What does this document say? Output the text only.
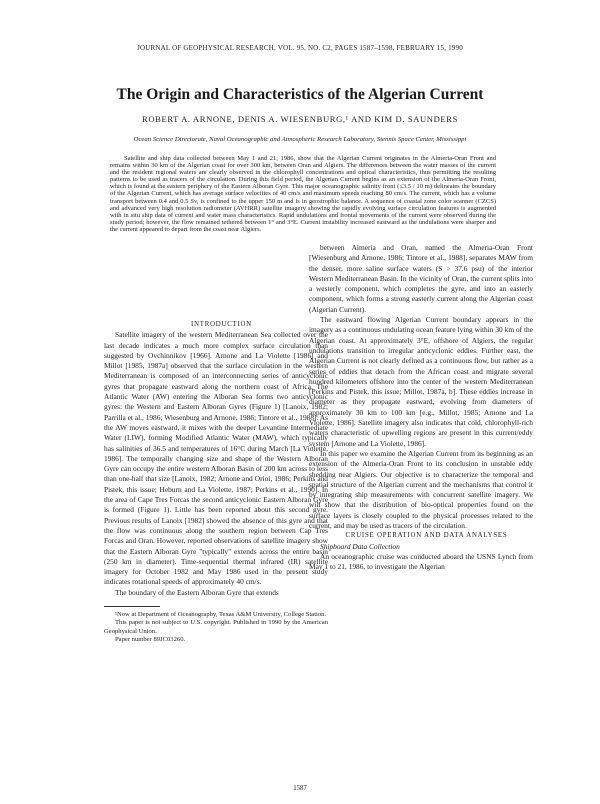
JOURNAL OF GEOPHYSICAL RESEARCH, VOL. 95, NO. C2, PAGES 1587–1598, FEBRUARY 15, 1990
The Origin and Characteristics of the Algerian Current
ROBERT A. ARNONE, DENIS A. WIESENBURG,¹ AND KIM D. SAUNDERS
Ocean Science Directorate, Naval Oceanographic and Atmospheric Research Laboratory, Stennis Space Center, Mississippi

Satellite and ship data collected between May 1 and 21, 1986, show that the Algerian Current originates in the Almeria-Oran Front and remains within 30 km of the Algerian coast for over 300 km, between Oran and Algiers. The differences between the water masses of the current and the resident regional waters are clearly observed in the chlorophyll concentrations and optical characteristics, thus permitting the resulting patterns to be used as tracers of the circulation. During this field period, the Algerian Current begins as an extension of the Almeria-Oran Front, which is found at the eastern periphery of the Eastern Alboran Gyre. This major oceanographic salinity front (≤3.5 / 10 m) delineates the boundary of the Algerian Current, which has average surface velocities of 40 cm/s and maximum speeds reaching 80 cm/s. The current, which has a volume transport between 0.4 and 0.5 Sv, is confined to the upper 150 m and is in geostrophic balance. A sequence of coastal zone color scanner (CZCS) and advanced very high resolution radiometer (AVHRR) satellite imagery showing the rapidly evolving surface circulation features is augmented with in situ ship data of current and water mass characteristics. Rapid undulations and frontal movements of the current were observed during the study period; however, the flow remained tethered between 1° and 3°E. Current instability increased eastward as the undulations were sharper and the current appeared to depart from the coast near Algiers.

INTRODUCTION

Satellite imagery of the western Mediterranean Sea collected over the last decade indicates a much more complex surface circulation than suggested by Ovchinnikov [1966]. Arnone and La Violette [1986] and Millot [1985, 1987a] observed that the surface circulation in the western Mediterranean is composed of an interconnecting series of anticyclonic gyres that propagate eastward along the northern coast of Africa. The Atlantic Water (AW) entering the Alboran Sea forms two anticyclonic gyres: the Western and Eastern Alboran Gyres (Figure 1) [Lanoix, 1982; Parrilla et al., 1986; Wiesenburg and Arnone, 1986; Tintore et al., 1988]. As the AW moves eastward, it mixes with the deeper Levantine Intermediate Water (LIW), forming Modified Atlantic Water (MAW), which typically has salinities of 36.5 and temperatures of 16°C during March [La Violette, 1986]. The temporally changing size and shape of the Western Alboran Gyre can occupy the entire western Alboran Basin of 200 km across to less than one-half that size [Lanoix, 1982; Arnone and Orioi, 1986; Perkins and Pistek, this issue; Heburn and La Violette, 1987; Perkins et al., 1990]. In the area of Cape Tres Forcas the second anticyclonic Eastern Alboran Gyre is formed (Figure 1). Little has been reported about this second gyre. Previous results of Lanoix [1982] showed the absence of this gyre and that the flow was continuous along the southern region between Cap Tres Forcas and Oran. However, reported observations of satellite imagery show that the Eastern Alboran Gyre "typically" extends across the entire basin (250 km in diameter). Time-sequential thermal infrared (IR) satellite imagery for October 1982 and May 1986 used in the present study indicates rotational speeds of approximately 40 cm/s.

The boundary of the Eastern Alboran Gyre that extends

¹Now at Department of Oceanography, Texas A&M University, College Station.

This paper is not subject to U.S. copyright. Published in 1990 by the American Geophysical Union.

Paper number 89JC03260.

between Almeria and Oran, named the Almeria-Oran Front [Wiesenburg and Arnone, 1986; Tintore et al., 1988], separates MAW from the denser, more saline surface waters (S > 37.6 psu) of the interior Western Mediterranean Basin. In the vicinity of Oran, the current splits into a westerly component, which completes the gyre, and into an easterly component, which forms a strong easterly current along the Algerian coast (Algerian Current).

The eastward flowing Algerian Current boundary appears in the imagery as a continuous undulating ocean feature lying within 30 km of the Algerian coast. At approximately 3°E, offshore of Algiers, the regular undulations transition to irregular anticyclonic eddies. Further east, the Algerian Current is not clearly defined as a continuous flow, but rather as a series of eddies that detach from the African coast and migrate several hundred kilometers offshore into the center of the western Mediterranean [Perkins and Pistek, this issue; Millot, 1987a, b]. These eddies increase in diameter as they propagate eastward, evolving from diameters of approximately 30 km to 100 km [e.g., Millot, 1985; Arnone and La Violette, 1986]. Satellite imagery also indicates that cold, chlorophyll-rich waters characteristic of upwelling regions are present in this current/eddy system [Arnone and La Violette, 1986].

In this paper we examine the Algerian Current from its beginning as an extension of the Almeria-Oran Front to its conclusion in unstable eddy shedding near Algiers. Our objective is to characterize the temporal and spatial structure of the Algerian current and the mechanisms that control it by integrating ship measurements with concurrent satellite imagery. We will show that the distribution of bio-optical properties found on the surface layers is closely coupled to the physical processes related to the current, and may be used as tracers of the circulation.

CRUISE OPERATION AND DATA ANALYSES

Shipboard Data Collection

An oceanographic cruise was conducted aboard the USNS Lynch from May 1 to 21, 1986, to investigate the Algerian

1587
